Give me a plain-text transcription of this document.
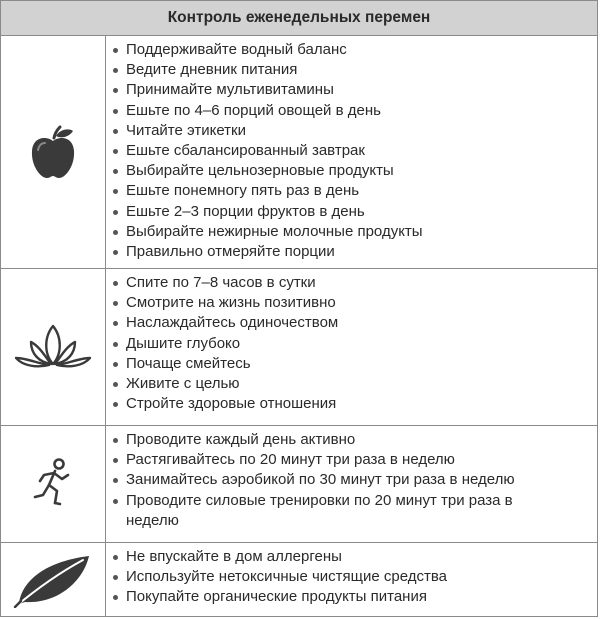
Контроль еженедельных перемен
Поддерживайте водный баланс
Ведите дневник питания
Принимайте мультивитамины
Ешьте по 4–6 порций овощей в день
Читайте этикетки
Ешьте сбалансированный завтрак
Выбирайте цельнозерновые продукты
Ешьте понемногу пять раз в день
Ешьте 2–3 порции фруктов в день
Выбирайте нежирные молочные продукты
Правильно отмеряйте порции
Спите по 7–8 часов в сутки
Смотрите на жизнь позитивно
Наслаждайтесь одиночеством
Дышите глубоко
Почаще смейтесь
Живите с целью
Стройте здоровые отношения
Проводите каждый день активно
Растягивайтесь по 20 минут три раза в неделю
Занимайтесь аэробикой по 30 минут три раза в неделю
Проводите силовые тренировки по 20 минут три раза в неделю
Не впускайте в дом аллергены
Используйте нетоксичные чистящие средства
Покупайте органические продукты питания
